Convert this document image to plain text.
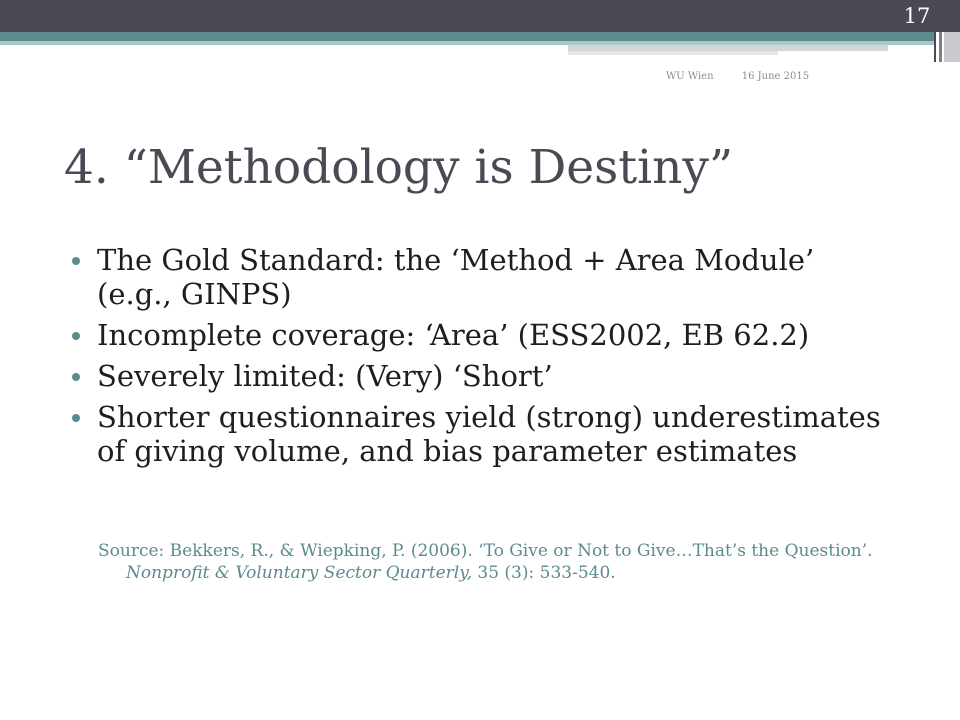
17
WU Wien	16 June 2015
4. “Methodology is Destiny”
The Gold Standard: the ‘Method + Area Module’ (e.g., GINPS)
Incomplete coverage: ‘Area’ (ESS2002, EB 62.2)
Severely limited: (Very) ‘Short’
Shorter questionnaires yield (strong) underestimates of giving volume, and bias parameter estimates
Source: Bekkers, R., & Wiepking, P. (2006). ‘To Give or Not to Give…That’s the Question’. Nonprofit & Voluntary Sector Quarterly, 35 (3): 533-540.
